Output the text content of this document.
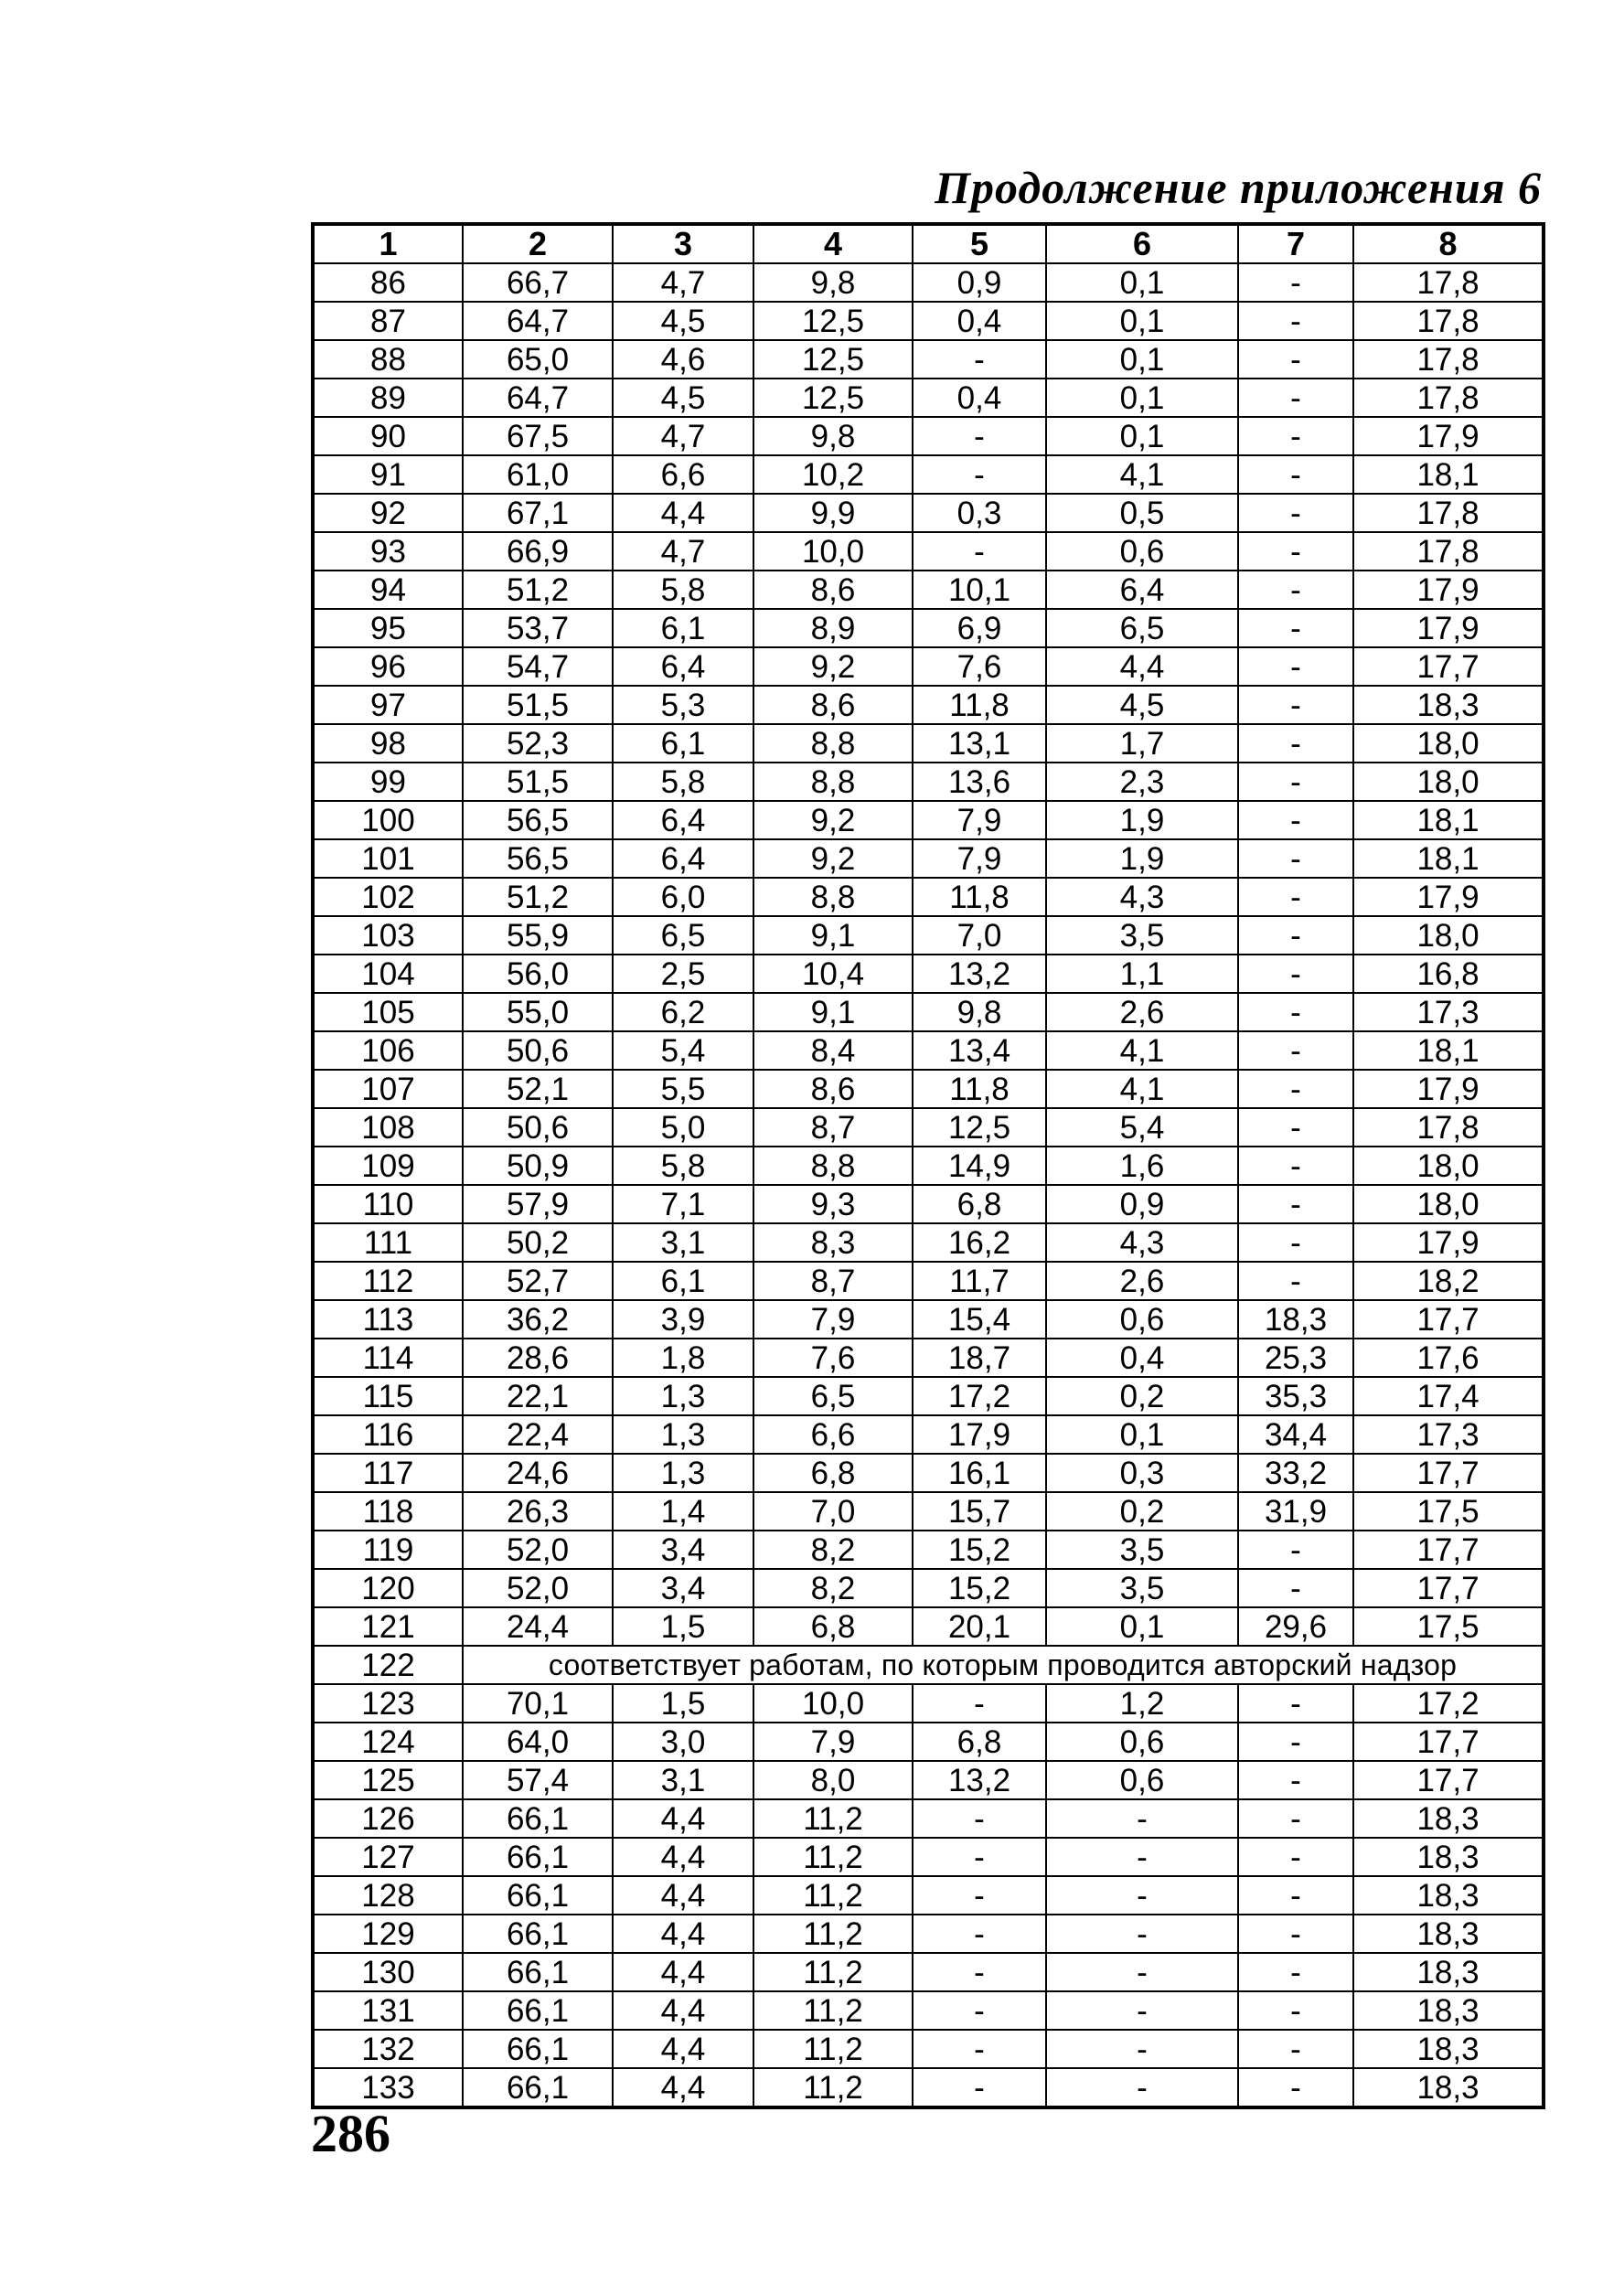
Продолжение приложения 6
1	2	3	4	5	6	7	8
86	66,7	4,7	9,8	0,9	0,1	-	17,8
87	64,7	4,5	12,5	0,4	0,1	-	17,8
88	65,0	4,6	12,5	-	0,1	-	17,8
89	64,7	4,5	12,5	0,4	0,1	-	17,8
90	67,5	4,7	9,8	-	0,1	-	17,9
91	61,0	6,6	10,2	-	4,1	-	18,1
92	67,1	4,4	9,9	0,3	0,5	-	17,8
93	66,9	4,7	10,0	-	0,6	-	17,8
94	51,2	5,8	8,6	10,1	6,4	-	17,9
95	53,7	6,1	8,9	6,9	6,5	-	17,9
96	54,7	6,4	9,2	7,6	4,4	-	17,7
97	51,5	5,3	8,6	11,8	4,5	-	18,3
98	52,3	6,1	8,8	13,1	1,7	-	18,0
99	51,5	5,8	8,8	13,6	2,3	-	18,0
100	56,5	6,4	9,2	7,9	1,9	-	18,1
101	56,5	6,4	9,2	7,9	1,9	-	18,1
102	51,2	6,0	8,8	11,8	4,3	-	17,9
103	55,9	6,5	9,1	7,0	3,5	-	18,0
104	56,0	2,5	10,4	13,2	1,1	-	16,8
105	55,0	6,2	9,1	9,8	2,6	-	17,3
106	50,6	5,4	8,4	13,4	4,1	-	18,1
107	52,1	5,5	8,6	11,8	4,1	-	17,9
108	50,6	5,0	8,7	12,5	5,4	-	17,8
109	50,9	5,8	8,8	14,9	1,6	-	18,0
110	57,9	7,1	9,3	6,8	0,9	-	18,0
111	50,2	3,1	8,3	16,2	4,3	-	17,9
112	52,7	6,1	8,7	11,7	2,6	-	18,2
113	36,2	3,9	7,9	15,4	0,6	18,3	17,7
114	28,6	1,8	7,6	18,7	0,4	25,3	17,6
115	22,1	1,3	6,5	17,2	0,2	35,3	17,4
116	22,4	1,3	6,6	17,9	0,1	34,4	17,3
117	24,6	1,3	6,8	16,1	0,3	33,2	17,7
118	26,3	1,4	7,0	15,7	0,2	31,9	17,5
119	52,0	3,4	8,2	15,2	3,5	-	17,7
120	52,0	3,4	8,2	15,2	3,5	-	17,7
121	24,4	1,5	6,8	20,1	0,1	29,6	17,5
122	соответствует работам, по которым проводится авторский надзор						
123	70,1	1,5	10,0	-	1,2	-	17,2
124	64,0	3,0	7,9	6,8	0,6	-	17,7
125	57,4	3,1	8,0	13,2	0,6	-	17,7
126	66,1	4,4	11,2	-	-	-	18,3
127	66,1	4,4	11,2	-	-	-	18,3
128	66,1	4,4	11,2	-	-	-	18,3
129	66,1	4,4	11,2	-	-	-	18,3
130	66,1	4,4	11,2	-	-	-	18,3
131	66,1	4,4	11,2	-	-	-	18,3
132	66,1	4,4	11,2	-	-	-	18,3
133	66,1	4,4	11,2	-	-	-	18,3
286
